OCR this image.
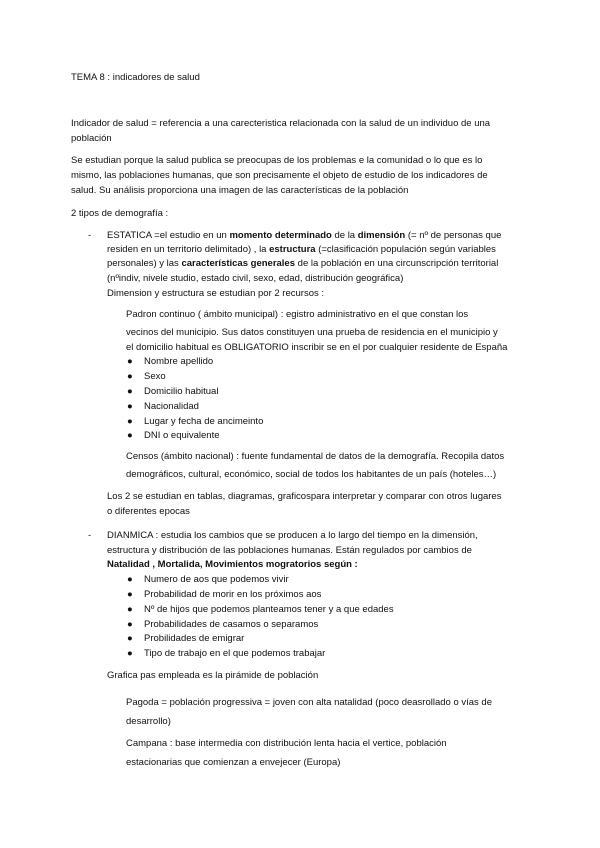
TEMA 8 : indicadores de salud
Indicador de salud = referencia a una carecteristica relacionada con la salud de un individuo de una
población
Se estudian porque la salud publica se preocupas de los problemas e la comunidad o lo que es lo
mismo, las poblaciones humanas, que son precisamente el objeto de estudio de los indicadores de
salud. Su análisis proporciona una imagen de las características de la población
2 tipos de demografía :
- ESTATICA =el estudio en un momento determinado de la dimensión (= nº de personas que
residen en un territorio delimitado) , la estructura (=clasificación populación según variables
personales) y las características generales de la población en una circunscripción territorial
(nºindiv, nivele studio, estado civil, sexo, edad, distribución geográfica)
Dimension y estructura se estudian por 2 recursos :
Padron continuo ( ámbito municipal) : egistro administrativo en el que constan los
vecinos del municipio. Sus datos constituyen una prueba de residencia en el municipio y
el domicilio habitual es OBLIGATORIO inscribir se en el por cualquier residente de España
● Nombre apellido
● Sexo
● Domicilio habitual
● Nacionalidad
● Lugar y fecha de ancimeinto
● DNI o equivalente
Censos (ámbito nacional) : fuente fundamental de datos de la demografía. Recopila datos
demográficos, cultural, económico, social de todos los habitantes de un país (hoteles…)
Los 2 se estudian en tablas, diagramas, graficospara interpretar y comparar con otros lugares
o diferentes epocas
- DIANMICA : estudia los cambios que se producen a lo largo del tiempo en la dimensión,
estructura y distribución de las poblaciones humanas. Están regulados por cambios de
Natalidad , Mortalida, Movimientos mogratorios según :
● Numero de aos que podemos vivir
● Probabilidad de morir en los próximos aos
● Nº de hijos que podemos planteamos tener y a que edades
● Probabilidades de casamos o separamos
● Probilidades de emigrar
● Tipo de trabajo en el que podemos trabajar
Grafica pas empleada es la pirámide de población
Pagoda = población progressiva = joven con alta natalidad (poco deasrollado o vías de
desarrollo)
Campana : base intermedia con distribución lenta hacia el vertice, población
estacionarias que comienzan a envejecer (Europa)
